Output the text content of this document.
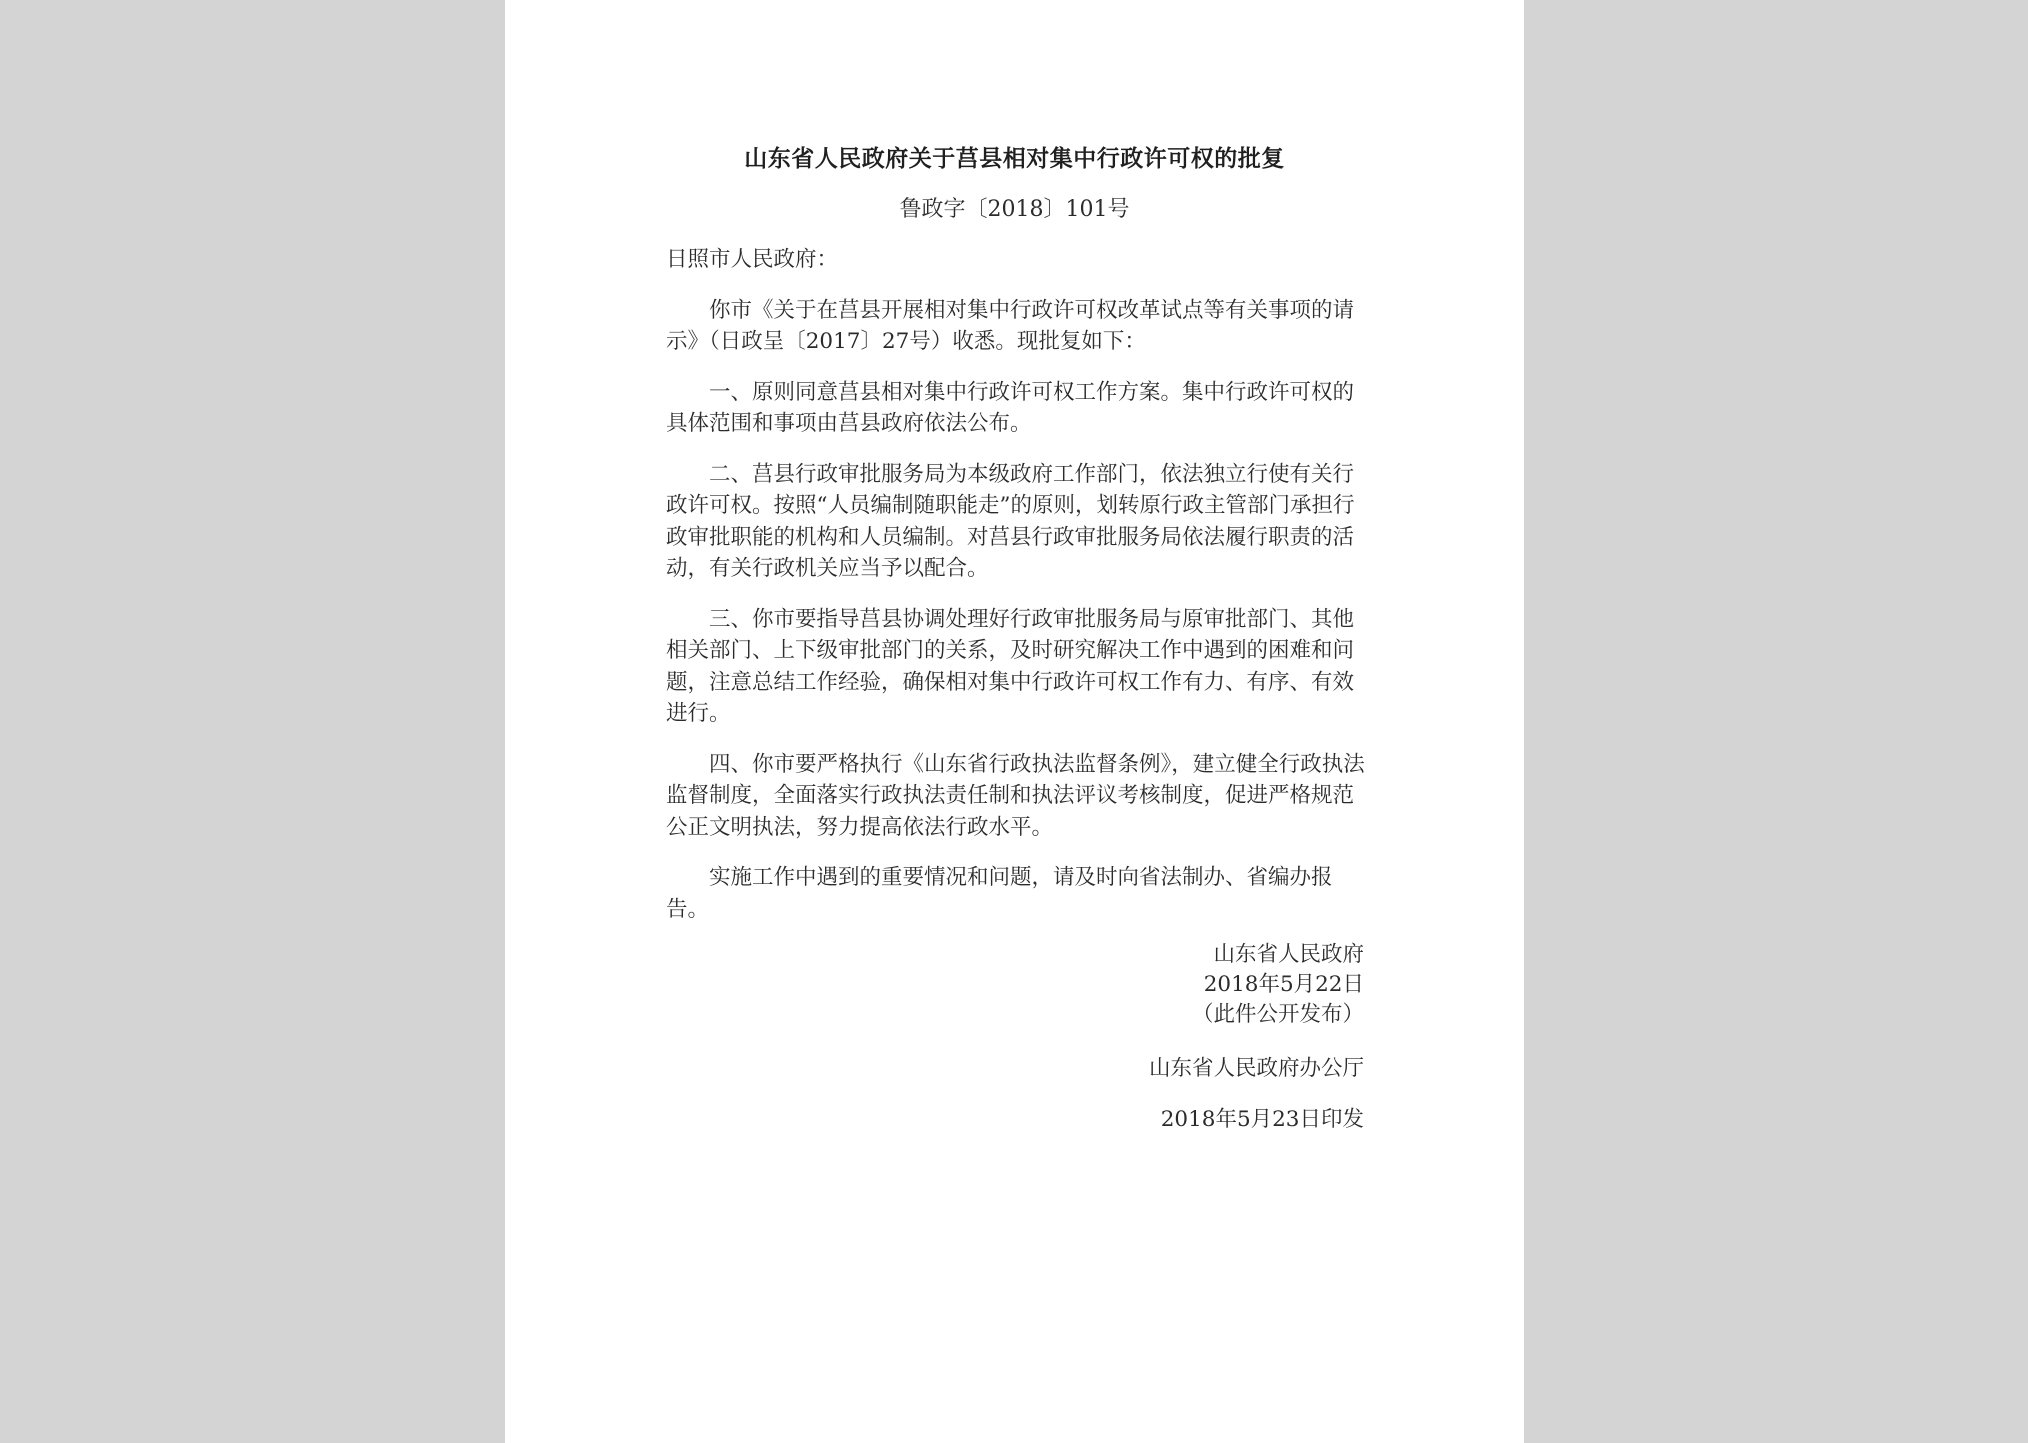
山东省人民政府关于莒县相对集中行政许可权的批复
鲁政字〔2018〕101号

日照市人民政府：

你市《关于在莒县开展相对集中行政许可权改革试点等有关事项的请示》（日政呈〔2017〕27号）收悉。现批复如下：

一、原则同意莒县相对集中行政许可权工作方案。集中行政许可权的具体范围和事项由莒县政府依法公布。

二、莒县行政审批服务局为本级政府工作部门，依法独立行使有关行政许可权。按照“人员编制随职能走”的原则，划转原行政主管部门承担行政审批职能的机构和人员编制。对莒县行政审批服务局依法履行职责的活动，有关行政机关应当予以配合。

三、你市要指导莒县协调处理好行政审批服务局与原审批部门、其他相关部门、上下级审批部门的关系，及时研究解决工作中遇到的困难和问题，注意总结工作经验，确保相对集中行政许可权工作有力、有序、有效进行。

四、你市要严格执行《山东省行政执法监督条例》，建立健全行政执法监督制度，全面落实行政执法责任制和执法评议考核制度，促进严格规范公正文明执法，努力提高依法行政水平。

实施工作中遇到的重要情况和问题，请及时向省法制办、省编办报告。

山东省人民政府
2018年5月22日
（此件公开发布）
山东省人民政府办公厅
2018年5月23日印发
